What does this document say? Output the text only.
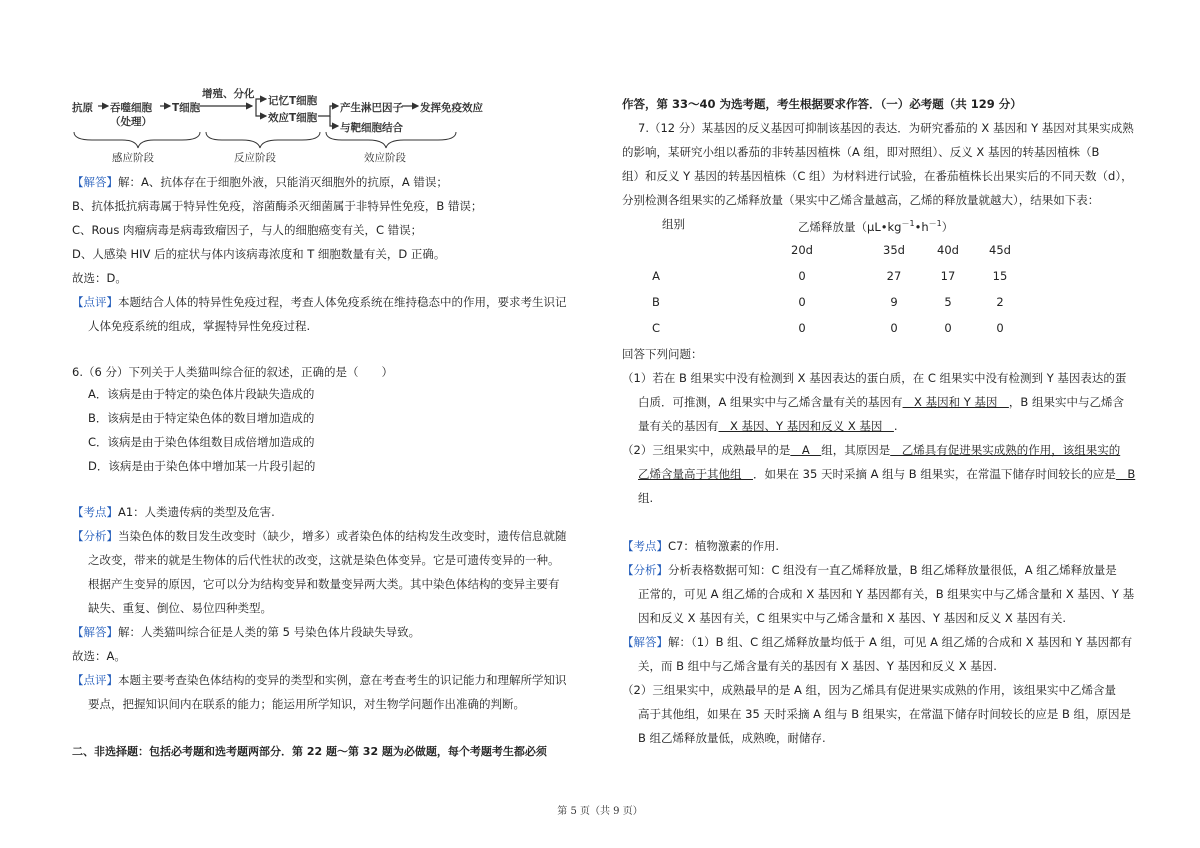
抗原 吞噬细胞
（处理）
T细胞
增殖、分化
记忆T细胞
效应T细胞
产生淋巴因子
与靶细胞结合
发挥免疫效应
感应阶段	反应阶段	效应阶段
【解答】解：A、抗体存在于细胞外液，只能消灭细胞外的抗原，A 错误；
B、抗体抵抗病毒属于特异性免疫，溶菌酶杀灭细菌属于非特异性免疫，B 错误；
C、Rous 肉瘤病毒是病毒致瘤因子，与人的细胞癌变有关，C 错误；
D、人感染 HIV 后的症状与体内该病毒浓度和 T 细胞数量有关，D 正确。
故选：D。
【点评】本题结合人体的特异性免疫过程，考查人体免疫系统在维持稳态中的作用，要求考生识记
人体免疫系统的组成，掌握特异性免疫过程.
6.（6 分）下列关于人类猫叫综合征的叙述，正确的是（　　）
A．该病是由于特定的染色体片段缺失造成的
B．该病是由于特定染色体的数目增加造成的
C．该病是由于染色体组数目成倍增加造成的
D．该病是由于染色体中增加某一片段引起的
【考点】A1：人类遗传病的类型及危害.
【分析】当染色体的数目发生改变时（缺少，增多）或者染色体的结构发生改变时，遗传信息就随
之改变，带来的就是生物体的后代性状的改变，这就是染色体变异。它是可遗传变异的一种。
根据产生变异的原因，它可以分为结构变异和数量变异两大类。其中染色体结构的变异主要有
缺失、重复、倒位、易位四种类型。
【解答】解：人类猫叫综合征是人类的第 5 号染色体片段缺失导致。
故选：A。
【点评】本题主要考查染色体结构的变异的类型和实例，意在考查考生的识记能力和理解所学知识
要点，把握知识间内在联系的能力；能运用所学知识，对生物学问题作出准确的判断。
二、非选择题：包括必考题和选考题两部分．第 22 题～第 32 题为必做题，每个考题考生都必须
作答，第 33～40 为选考题，考生根据要求作答．（一）必考题（共 129 分）
7.（12 分）某基因的反义基因可抑制该基因的表达．为研究番茄的 X 基因和 Y 基因对其果实成熟
的影响，某研究小组以番茄的非转基因植株（A 组，即对照组）、反义 X 基因的转基因植株（B
组）和反义 Y 基因的转基因植株（C 组）为材料进行试验，在番茄植株长出果实后的不同天数（d），
分别检测各组果实的乙烯释放量（果实中乙烯含量越高，乙烯的释放量就越大），结果如下表：
组别	乙烯释放量$(\mu L•kg^{-1}•h^{-1})$
20d	35d	40d	45d
A	0	27	17	15
B	0	9	5	2
C	0	0	0	0
回答下列问题：
（1）若在 B 组果实中没有检测到 X 基因表达的蛋白质，在 C 组果实中没有检测到 Y 基因表达的蛋
白质．可推测，A 组果实中与乙烯含量有关的基因有　X 基因和 Y 基因　，B 组果实中与乙烯含
量有关的基因有　X 基因、Y 基因和反义 X 基因　.
（2）三组果实中，成熟最早的是　A　组，其原因是　乙烯具有促进果实成熟的作用，该组果实的
乙烯含量高于其他组　．如果在 35 天时采摘 A 组与 B 组果实，在常温下储存时间较长的应是　B
组.
【考点】C7：植物激素的作用.
【分析】分析表格数据可知：C 组没有一直乙烯释放量，B 组乙烯释放量很低，A 组乙烯释放量是
正常的，可见 A 组乙烯的合成和 X 基因和 Y 基因都有关，B 组果实中与乙烯含量和 X 基因、Y 基
因和反义 X 基因有关，C 组果实中与乙烯含量和 X 基因、Y 基因和反义 X 基因有关.
【解答】解：（1）B 组、C 组乙烯释放量均低于 A 组，可见 A 组乙烯的合成和 X 基因和 Y 基因都有
关，而 B 组中与乙烯含量有关的基因有 X 基因、Y 基因和反义 X 基因.
（2）三组果实中，成熟最早的是 A 组，因为乙烯具有促进果实成熟的作用，该组果实中乙烯含量
高于其他组，如果在 35 天时采摘 A 组与 B 组果实，在常温下储存时间较长的应是 B 组，原因是
B 组乙烯释放量低，成熟晚，耐储存.
第 5 页（共 9 页）
